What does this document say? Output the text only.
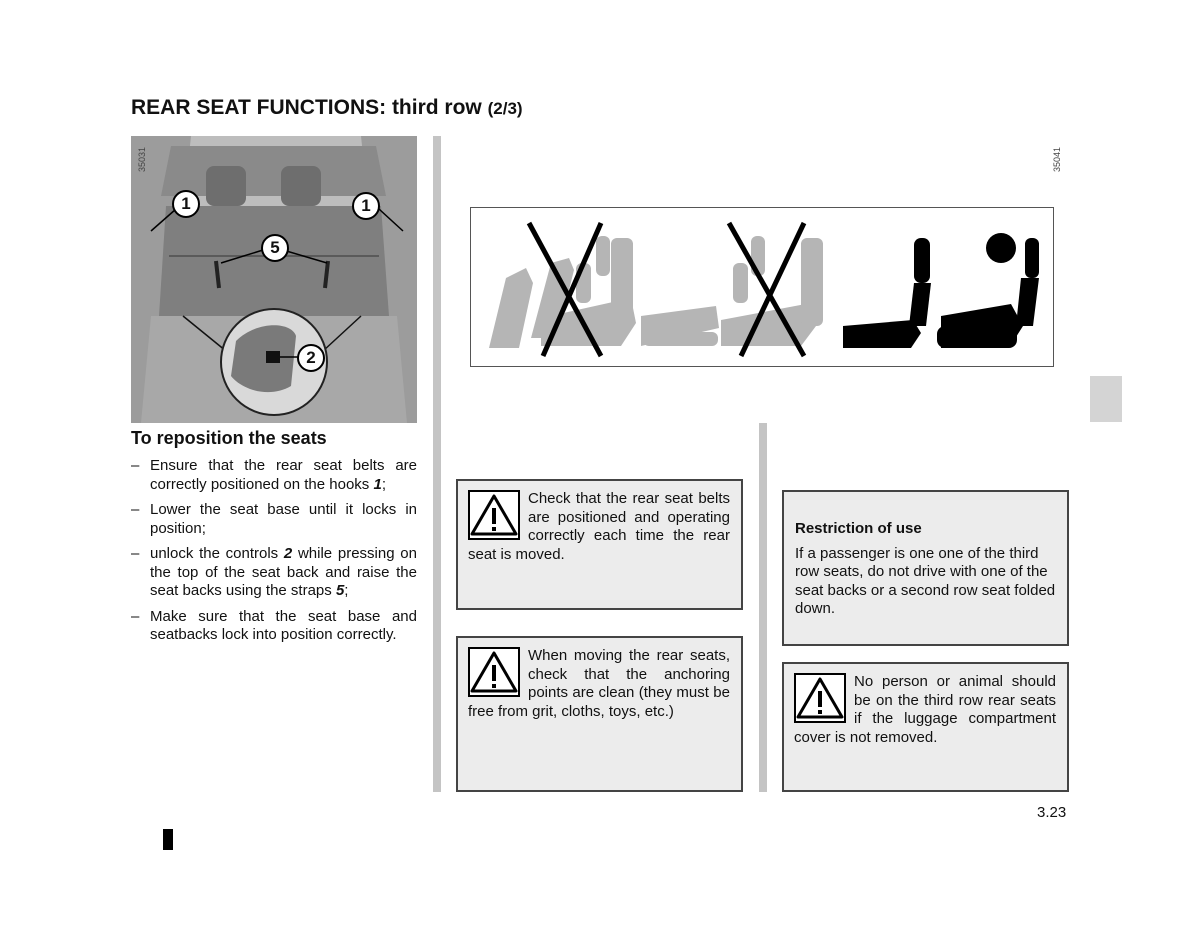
REAR SEAT FUNCTIONS: third row (2/3)
1	1
5
2
35031	35041
To reposition the seats
– Ensure that the rear seat belts are correctly positioned on the hooks 1;
– Lower the seat base until it locks in position;
– unlock the controls 2 while pressing on the top of the seat back and raise the seat backs using the straps 5;
– Make sure that the seat base and seatbacks lock into position correctly.
Check that the rear seat belts are positioned and operating correctly each time the rear seat is moved.
When moving the rear seats, check that the anchoring points are clean (they must be free from grit, cloths, toys, etc.)
Restriction of use
If a passenger is one one of the third row seats, do not drive with one of the seat backs or a second row seat folded down.
No person or animal should be on the third row rear seats if the luggage compartment cover is not removed.
3.23
